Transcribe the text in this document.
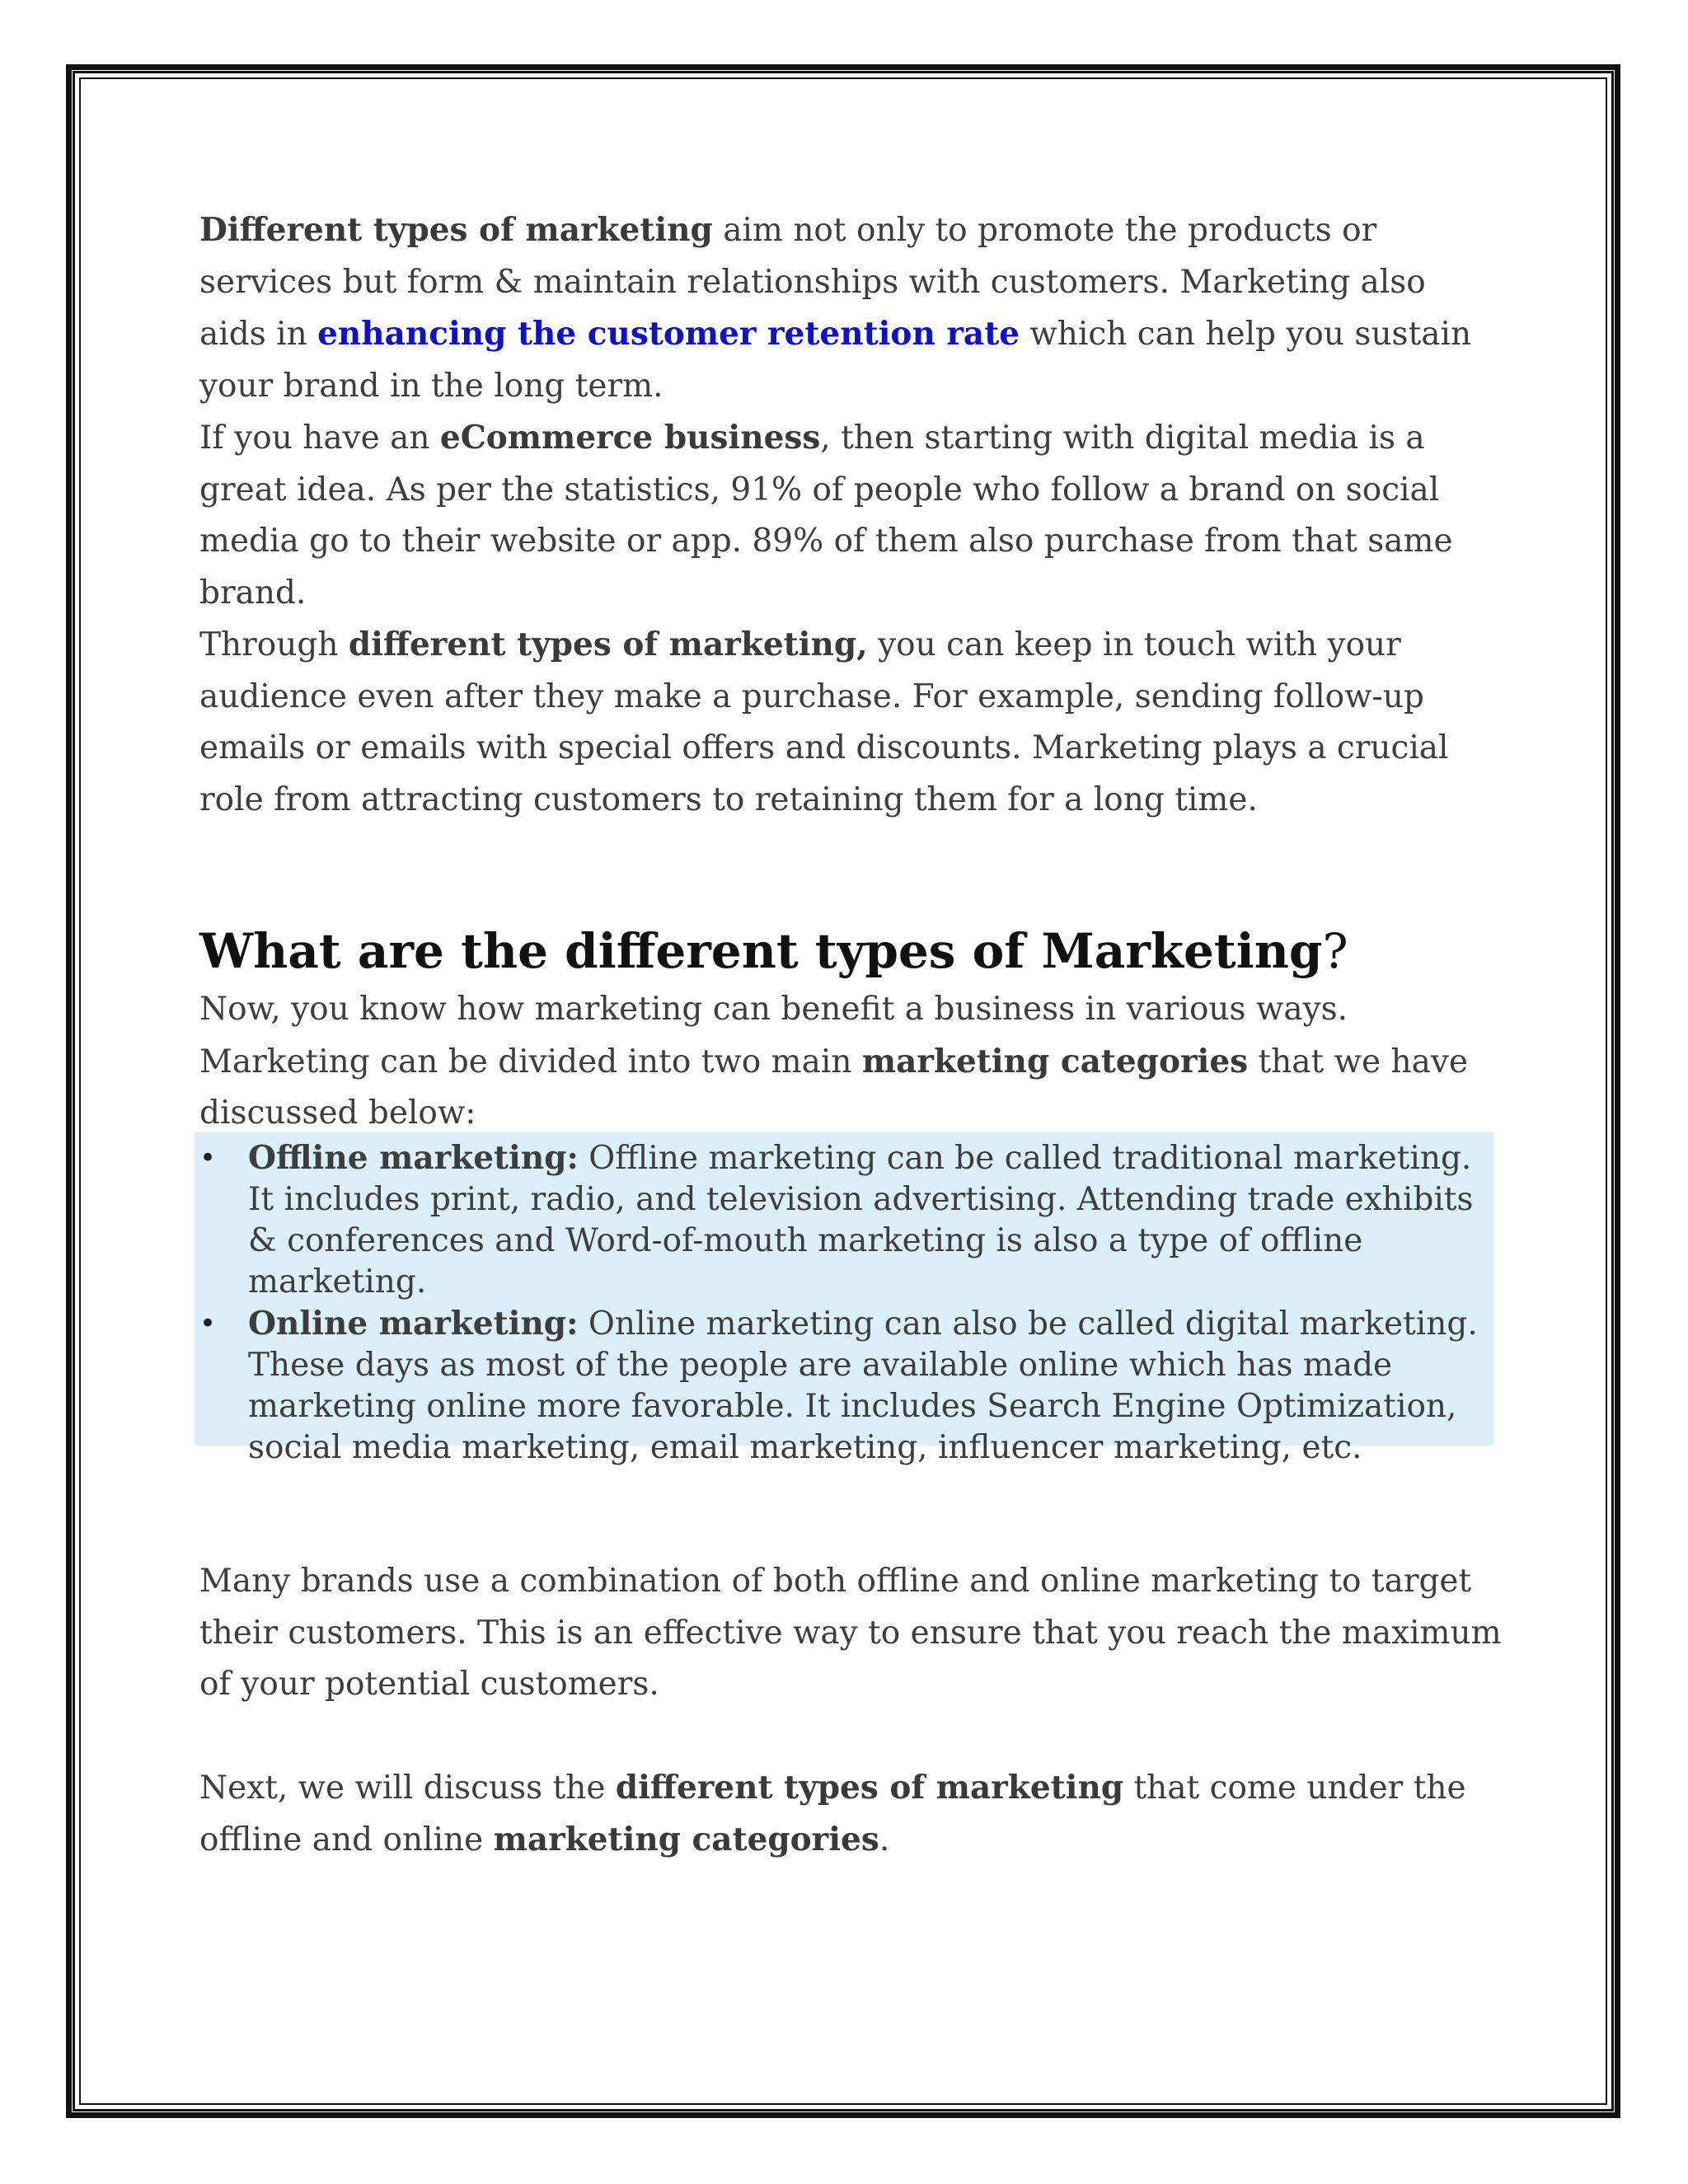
Different types of marketing aim not only to promote the products or services but form & maintain relationships with customers. Marketing also aids in enhancing the customer retention rate which can help you sustain your brand in the long term.

If you have an eCommerce business, then starting with digital media is a great idea. As per the statistics, 91% of people who follow a brand on social media go to their website or app. 89% of them also purchase from that same brand.

Through different types of marketing, you can keep in touch with your audience even after they make a purchase. For example, sending follow-up emails or emails with special offers and discounts. Marketing plays a crucial role from attracting customers to retaining them for a long time.

What are the different types of Marketing?

Now, you know how marketing can benefit a business in various ways. Marketing can be divided into two main marketing categories that we have discussed below:

• Offline marketing: Offline marketing can be called traditional marketing. It includes print, radio, and television advertising. Attending trade exhibits & conferences and Word-of-mouth marketing is also a type of offline marketing.
• Online marketing: Online marketing can also be called digital marketing. These days as most of the people are available online which has made marketing online more favorable. It includes Search Engine Optimization, social media marketing, email marketing, influencer marketing, etc.

Many brands use a combination of both offline and online marketing to target their customers. This is an effective way to ensure that you reach the maximum of your potential customers.

Next, we will discuss the different types of marketing that come under the offline and online marketing categories.
